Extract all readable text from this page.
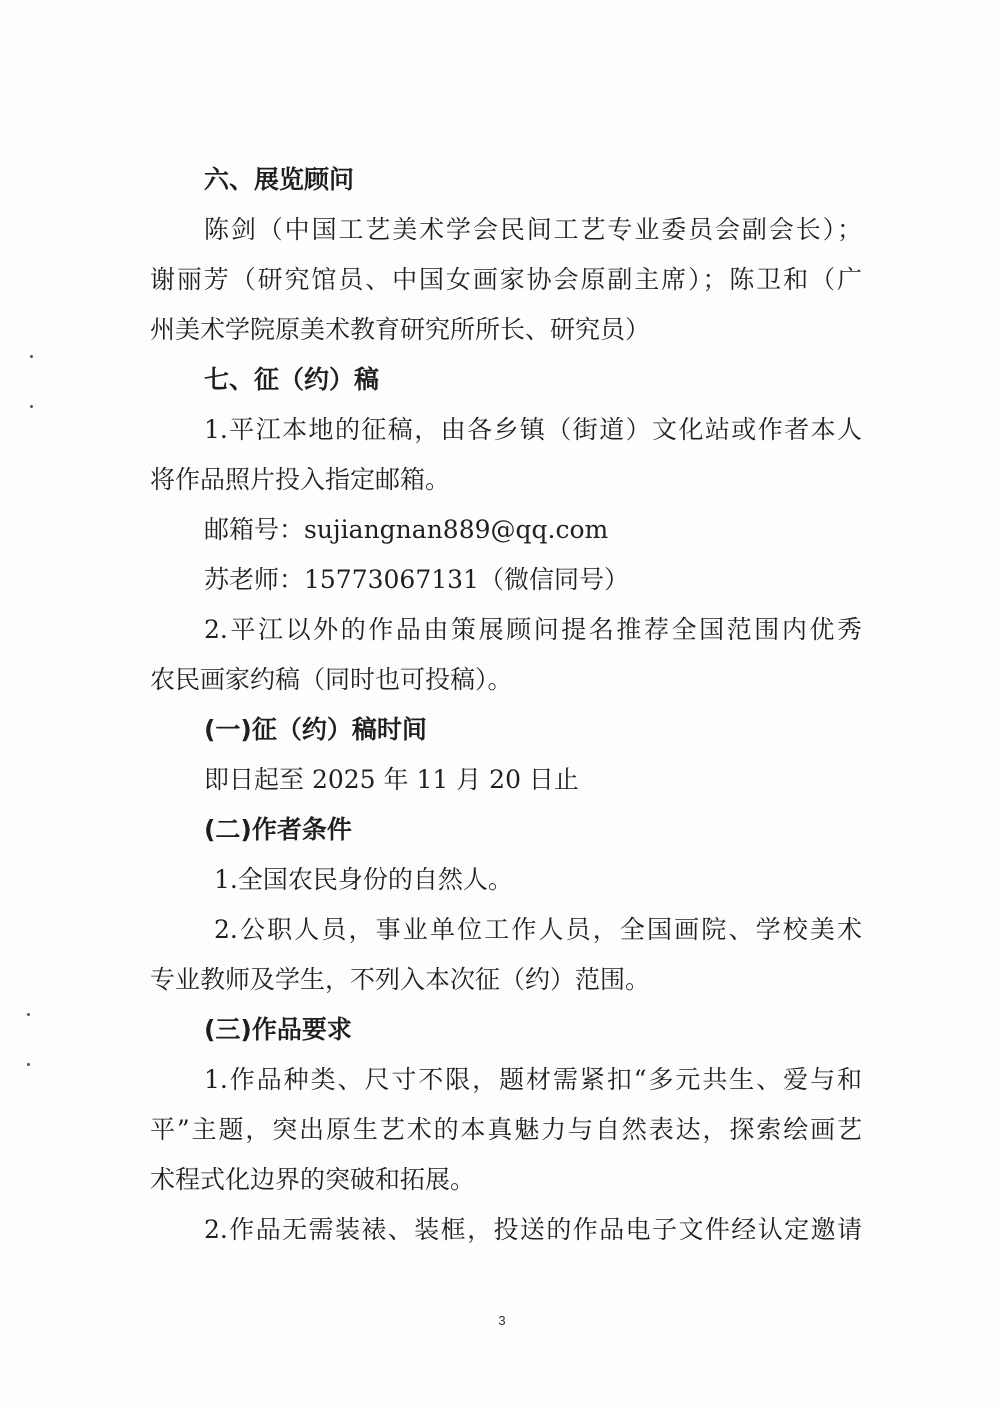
六、展览顾问
陈剑（中国工艺美术学会民间工艺专业委员会副会长）；
谢丽芳（研究馆员、中国女画家协会原副主席）；陈卫和（广
州美术学院原美术教育研究所所长、研究员）
七、征（约）稿
1.平江本地的征稿，由各乡镇（街道）文化站或作者本人
将作品照片投入指定邮箱。
邮箱号：sujiangnan889@qq.com
苏老师：15773067131（微信同号）
2.平江以外的作品由策展顾问提名推荐全国范围内优秀
农民画家约稿（同时也可投稿）。
(一)征（约）稿时间
即日起至 2025 年 11 月 20 日止
(二)作者条件
1.全国农民身份的自然人。
2.公职人员，事业单位工作人员，全国画院、学校美术
专业教师及学生，不列入本次征（约）范围。
(三)作品要求
1.作品种类、尺寸不限，题材需紧扣“多元共生、爱与和
平”主题，突出原生艺术的本真魅力与自然表达，探索绘画艺
术程式化边界的突破和拓展。
2.作品无需装裱、装框，投送的作品电子文件经认定邀请
3
